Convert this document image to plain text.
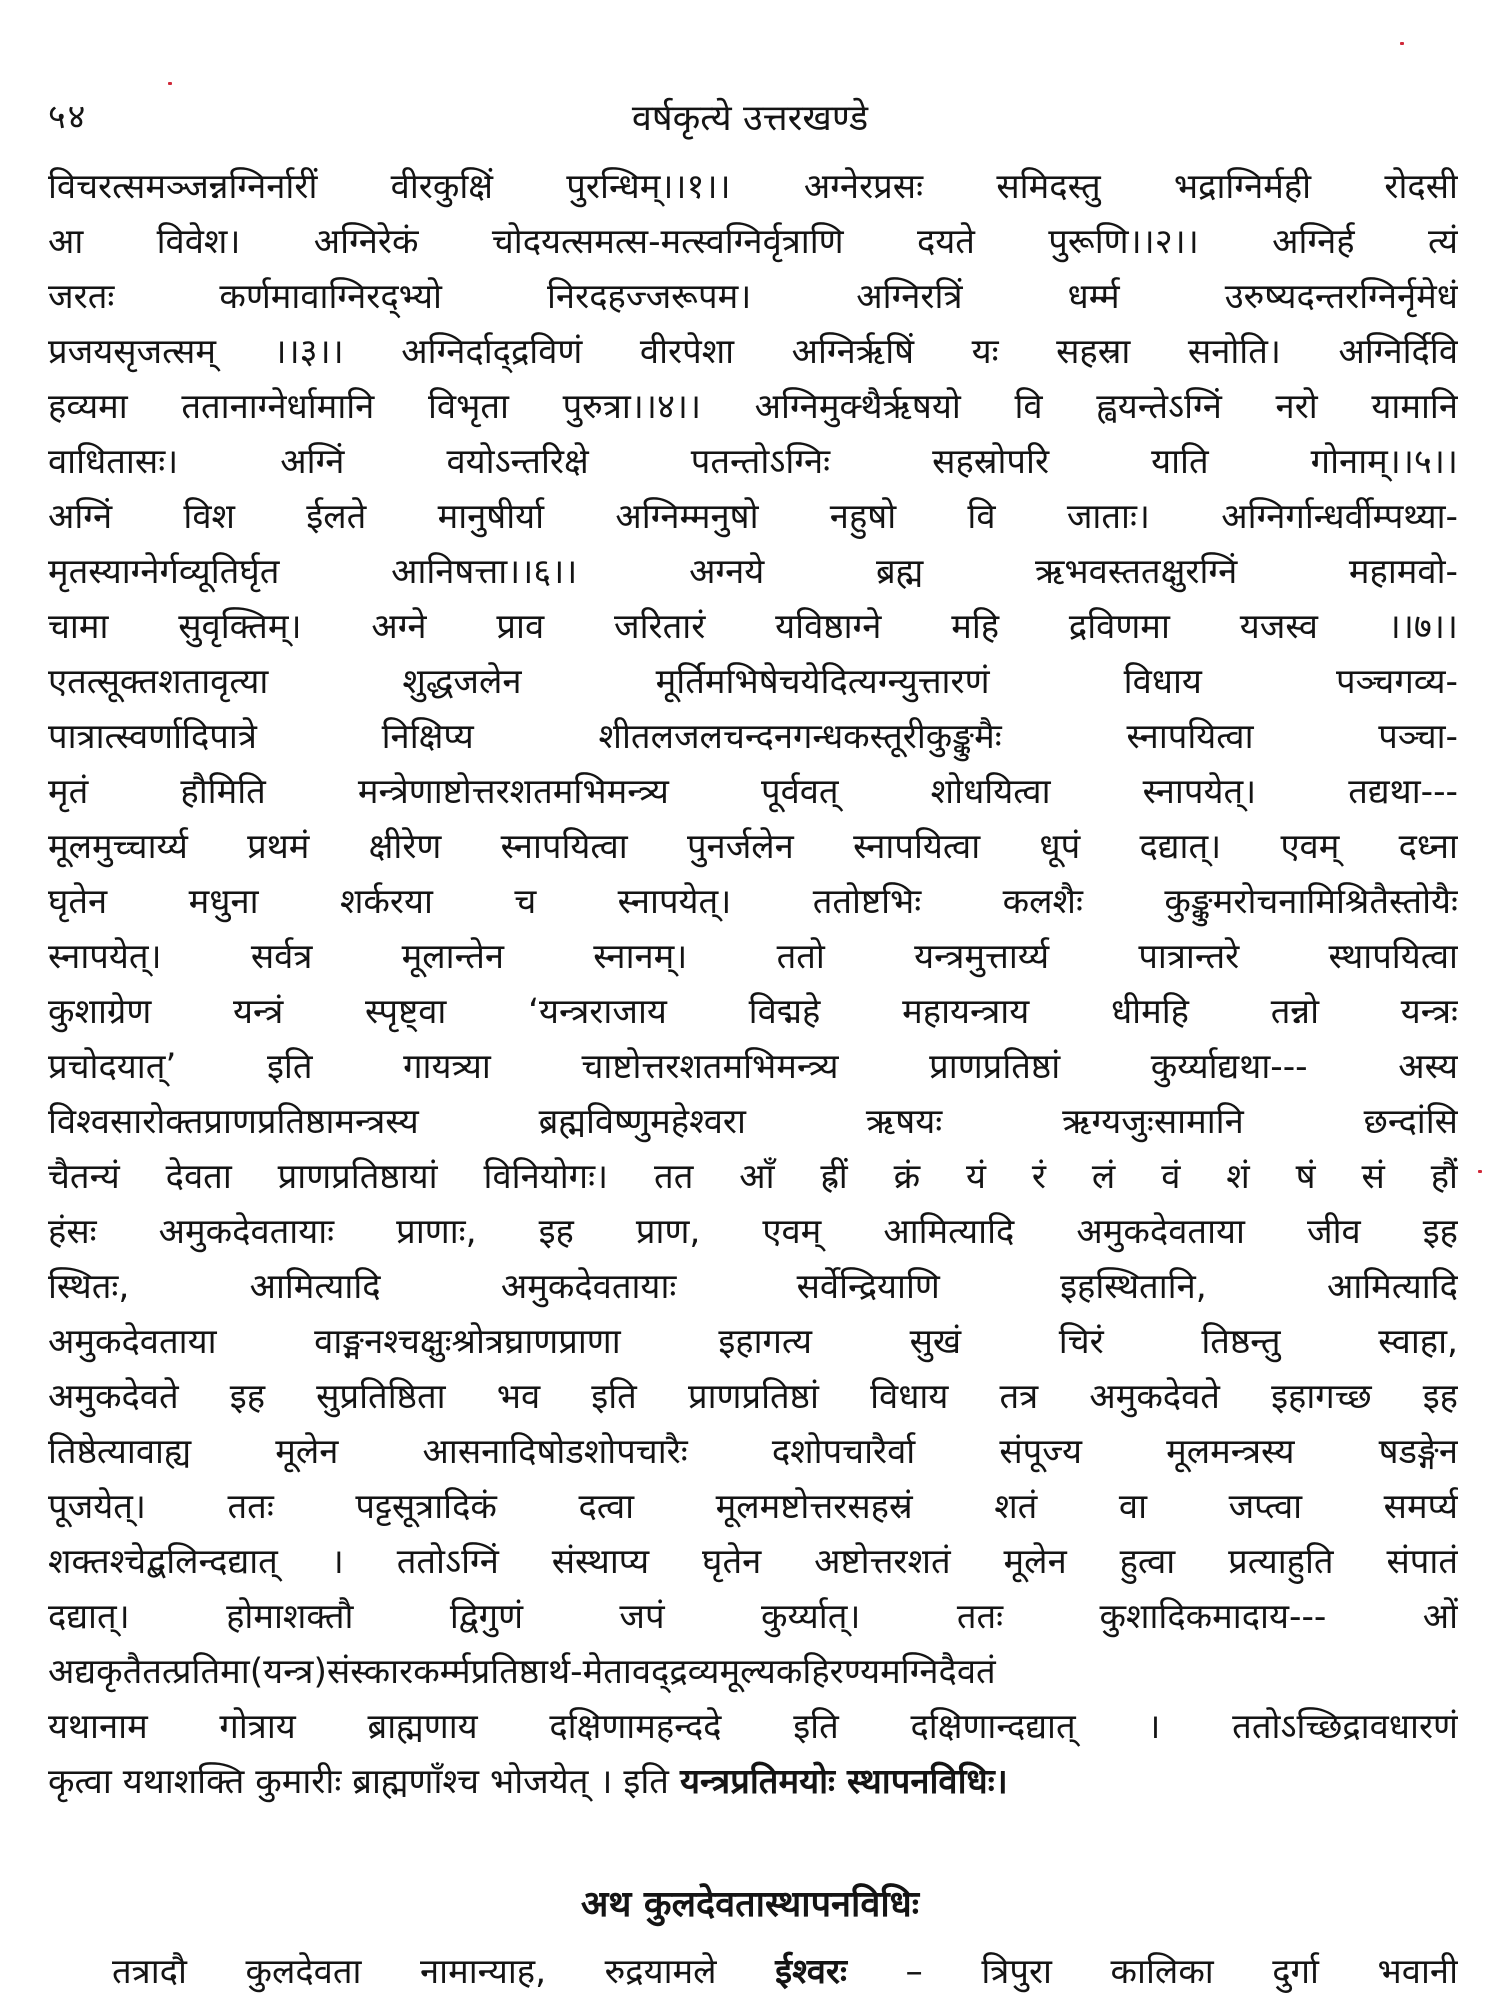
५४	वर्षकृत्ये उत्तरखण्डे
विचरत्समञ्जन्नग्निर्नारीं वीरकुक्षिं पुरन्धिम्।।१।। अग्नेरप्रसः समिदस्तु भद्राग्निर्मही रोदसी
आ विवेश। अग्निरेकं चोदयत्समत्स-मत्स्वग्निर्वृत्राणि दयते पुरूणि।।२।। अग्निर्ह त्यं
जरतः कर्णमावाग्निरद्भ्यो निरदहज्जरूपम। अग्निरत्रिं धर्म्म उरुष्यदन्तरग्निर्नृमेधं
प्रजयसृजत्सम् ।।३।। अग्निर्दाद्द्रविणं वीरपेशा अग्निर्ऋषिं यः सहस्रा सनोति। अग्निर्दिवि
हव्यमा ततानाग्नेर्धामानि विभृता पुरुत्रा।।४।। अग्निमुक्थैर्ऋषयो वि ह्वयन्तेऽग्निं नरो यामानि
वाधितासः। अग्निं वयोऽन्तरिक्षे पतन्तोऽग्निः सहस्रोपरि याति गोनाम्।।५।।
अग्निं विश ईलते मानुषीर्या अग्निम्मनुषो नहुषो वि जाताः। अग्निर्गान्धर्वीम्पथ्या-
मृतस्याग्नेर्गव्यूतिर्घृत आनिषत्ता।।६।। अग्नये ब्रह्म ऋभवस्ततक्षुरग्निं महामवो-
चामा सुवृक्तिम्। अग्ने प्राव जरितारं यविष्ठाग्ने महि द्रविणमा यजस्व ।।७।।
एतत्सूक्तशतावृत्या शुद्धजलेन मूर्तिमभिषेचयेदित्यग्न्युत्तारणं विधाय पञ्चगव्य-
पात्रात्स्वर्णादिपात्रे निक्षिप्य शीतलजलचन्दनगन्धकस्तूरीकुङ्कुमैः स्नापयित्वा पञ्चा-
मृतं हौमिति मन्त्रेणाष्टोत्तरशतमभिमन्त्र्य पूर्ववत् शोधयित्वा स्नापयेत्। तद्यथा---
मूलमुच्चार्य्य प्रथमं क्षीरेण स्नापयित्वा पुनर्जलेन स्नापयित्वा धूपं दद्यात्। एवम् दध्ना
घृतेन मधुना शर्करया च स्नापयेत्। ततोष्टभिः कलशैः कुङ्कुमरोचनामिश्रितैस्तोयैः
स्नापयेत्। सर्वत्र मूलान्तेन स्नानम्। ततो यन्त्रमुत्तार्य्य पात्रान्तरे स्थापयित्वा
कुशाग्रेण यन्त्रं स्पृष्ट्वा ‘यन्त्रराजाय विद्महे महायन्त्राय धीमहि तन्नो यन्त्रः
प्रचोदयात्’ इति गायत्र्या चाष्टोत्तरशतमभिमन्त्र्य प्राणप्रतिष्ठां कुर्य्याद्यथा--- अस्य
विश्वसारोक्तप्राणप्रतिष्ठामन्त्रस्य ब्रह्मविष्णुमहेश्वरा ऋषयः ऋग्यजुःसामानि छन्दांसि
चैतन्यं देवता प्राणप्रतिष्ठायां विनियोगः। तत आँ ह्रीं क्रं यं रं लं वं शं षं सं हौं
हंसः अमुकदेवतायाः प्राणाः, इह प्राण, एवम् आमित्यादि अमुकदेवताया जीव इह
स्थितः, आमित्यादि अमुकदेवतायाः सर्वेन्द्रियाणि इहस्थितानि, आमित्यादि
अमुकदेवताया वाङ्मनश्चक्षुःश्रोत्रघ्राणप्राणा इहागत्य सुखं चिरं तिष्ठन्तु स्वाहा,
अमुकदेवते इह सुप्रतिष्ठिता भव इति प्राणप्रतिष्ठां विधाय तत्र अमुकदेवते इहागच्छ इह
तिष्ठेत्यावाह्य मूलेन आसनादिषोडशोपचारैः दशोपचारैर्वा संपूज्य मूलमन्त्रस्य षडङ्गेन
पूजयेत्। ततः पट्टसूत्रादिकं दत्वा मूलमष्टोत्तरसहस्रं शतं वा जप्त्वा समर्प्य
शक्तश्चेद्बलिन्दद्यात् । ततोऽग्निं संस्थाप्य घृतेन अष्टोत्तरशतं मूलेन हुत्वा प्रत्याहुति संपातं
दद्यात्। होमाशक्तौ द्विगुणं जपं कुर्य्यात्। ततः कुशादिकमादाय--- ओं
अद्यकृतैतत्प्रतिमा(यन्त्र)संस्कारकर्म्मप्रतिष्ठार्थ-मेतावद्द्रव्यमूल्यकहिरण्यमग्निदैवतं
यथानाम गोत्राय ब्राह्मणाय दक्षिणामहन्ददे इति दक्षिणान्दद्यात् । ततोऽच्छिद्रावधारणं
कृत्वा यथाशक्ति कुमारीः ब्राह्मणाँश्च भोजयेत् । इति यन्त्रप्रतिमयोः स्थापनविधिः।
अथ कुलदेवतास्थापनविधिः
तत्रादौ कुलदेवता नामान्याह, रुद्रयामले ईश्वरः – त्रिपुरा कालिका दुर्गा भवानी
